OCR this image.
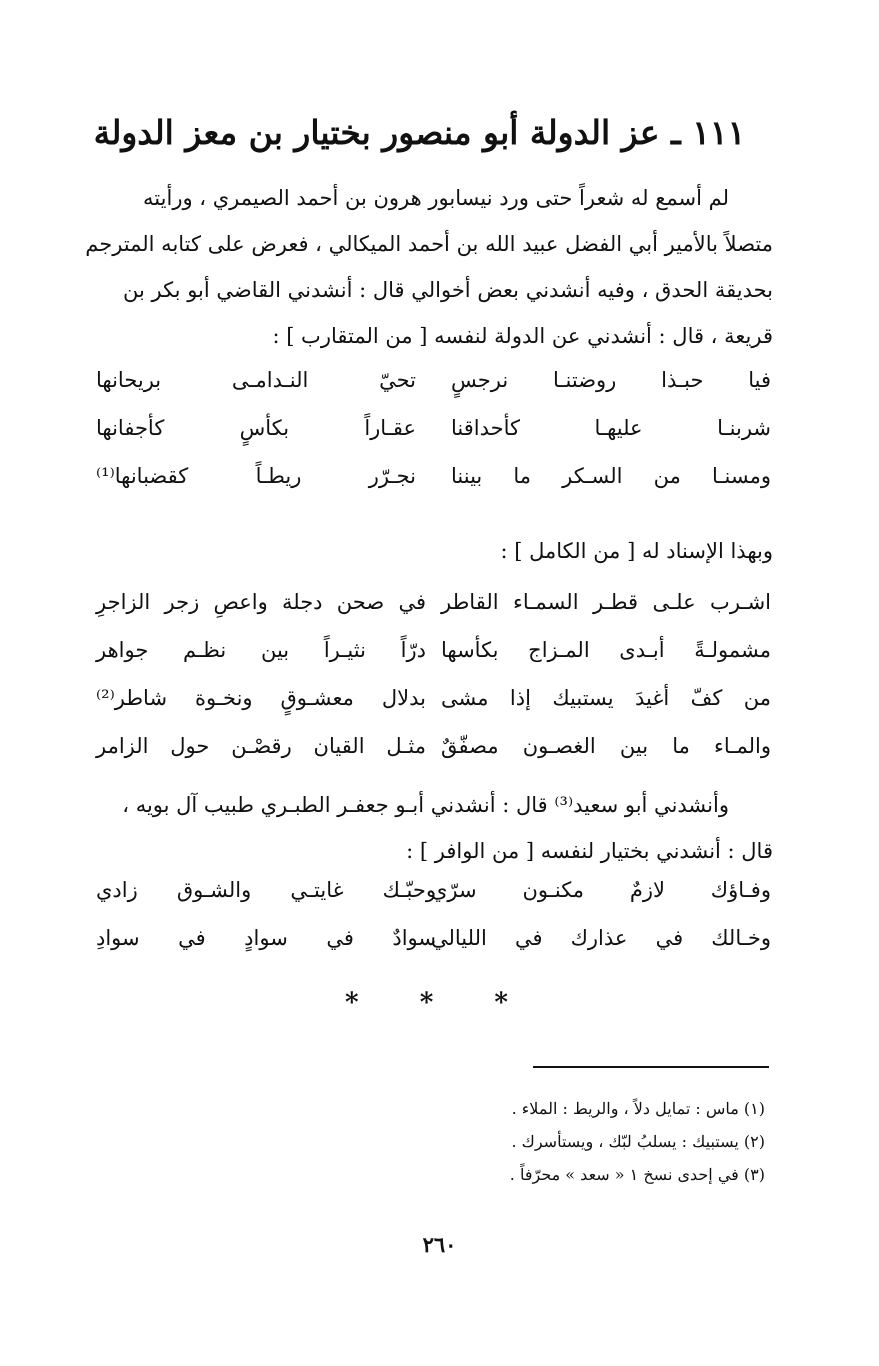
١١١ ـ عز الدولة أبو منصور بختيار بن معز الدولة

لم أسمع له شعراً حتى ورد نيسابور هرون بن أحمد الصيمري ، ورأيته

متصلاً بالأمير أبي الفضل عبيد الله بن أحمد الميكالي ، فعرض على كتابه المترجم

بحديقة الحدق ، وفيه أنشدني بعض أخوالي قال : أنشدني القاضي أبو بكر بن

قريعة ، قال : أنشدني عن الدولة لنفسه [ من المتقارب ] :

فيا حبـذا روضتنـا نرجسٍ
تحيّ النـدامـى بريحانها
شربنـا عليهـا كأحداقنا
عقـاراً بكأسٍ كأجفانها
ومسنـا من السـكر ما بيننا
نجـرّر ريطـاً كقضبانها⁽¹⁾

وبهذا الإسناد له [ من الكامل ] :

اشـرب علـى قطـر السمـاء القاطر
في صحن دجلة واعصِ زجر الزاجرِ
مشمولـةً أبـدى المـزاج بكأسها
درّاً نثيـراً بين نظـم جواهر
من كفّ أغيدَ يستبيك إذا مشى
بدلال معشـوقٍ ونخـوة شاطر⁽²⁾
والمـاء ما بين الغصـون مصفّقٌ
مثـل القيان رقصْـن حول الزامر

وأنشدني أبو سعيد⁽³⁾ قال : أنشدني أبـو جعفـر الطبـري طبيب آل بويه ،

قال : أنشدني بختيار لنفسه [ من الوافر ] :

وفـاؤك لازمٌ مكنـون سرّي
وحبّـك غايتـي والشـوق زادي
وخـالك في عذارك في الليالي
سوادٌ في سوادٍ في سوادِ
* * *
(١) ماس : تمايل دلاً ، والريط : الملاء .
(٢) يستبيك : يسلبُ لبّك ، ويستأسرك .
(٣) في إحدى نسخ ١ « سعد » محرّفاً .
٢٦٠
